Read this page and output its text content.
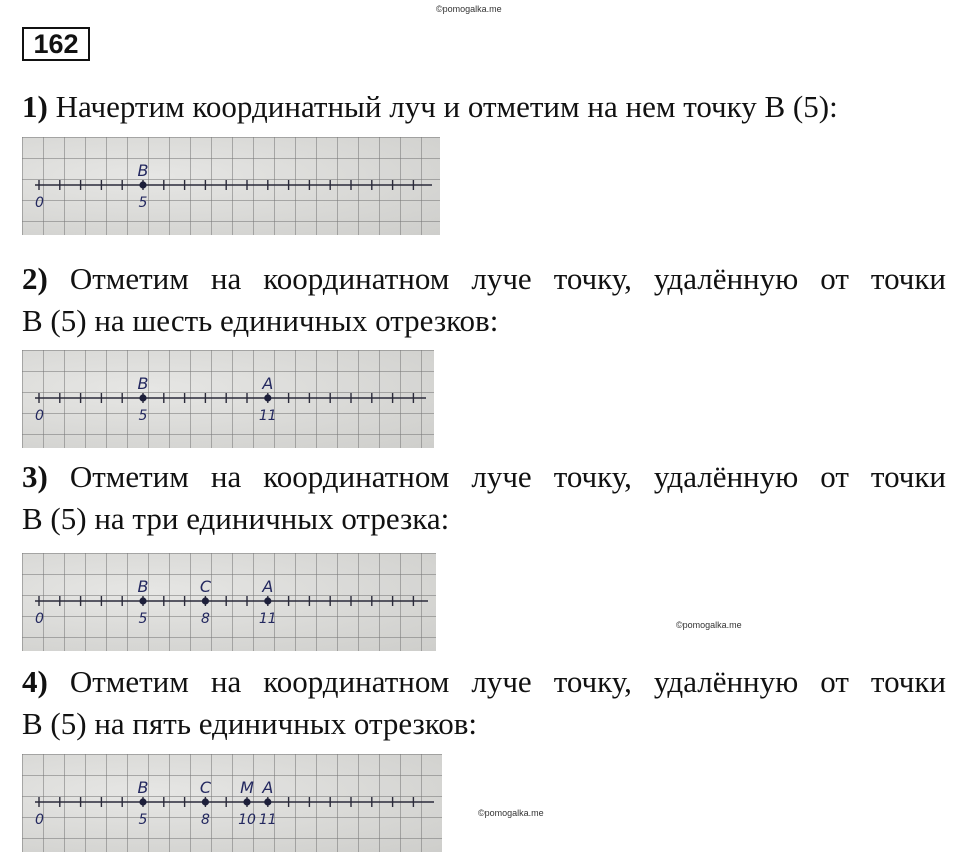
©pomogalka.me
162

1) Начертим координатный луч и отметим на нем точку В (5):

0
B
5
2) Отметим на координатном луче точку, удалённую от точки
В (5) на шесть единичных отрезков:
0
B
5
A
11
3) Отметим на координатном луче точку, удалённую от точки
В (5) на три единичных отрезка:
0
B
5
C
8
A
11	©pomogalka.me
4) Отметим на координатном луче точку, удалённую от точки
В (5) на пять единичных отрезков:
0
B
5
C
8
M
10
A
11	©pomogalka.me
